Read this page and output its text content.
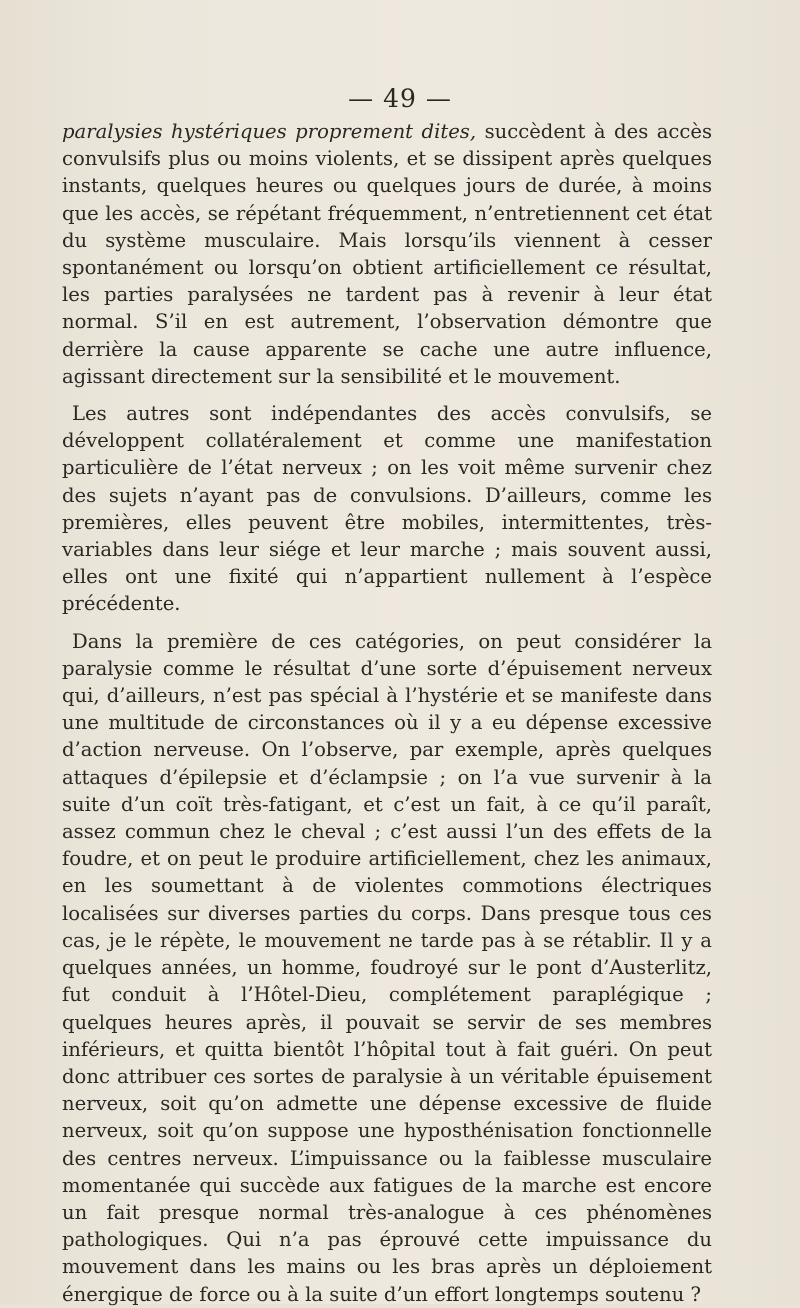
— 49 —

paralysies hystériques proprement dites, succèdent à des accès convulsifs plus ou moins violents, et se dissipent après quelques instants, quelques heures ou quelques jours de durée, à moins que les accès, se répétant fréquemment, n’entretiennent cet état du système musculaire. Mais lorsqu’ils viennent à cesser spontanément ou lorsqu’on obtient artificiellement ce résultat, les parties paralysées ne tardent pas à revenir à leur état normal. S’il en est autrement, l’observation démontre que derrière la cause apparente se cache une autre influence, agissant directement sur la sensibilité et le mouvement.

Les autres sont indépendantes des accès convulsifs, se développent collatéralement et comme une manifestation particulière de l’état nerveux ; on les voit même survenir chez des sujets n’ayant pas de convulsions. D’ailleurs, comme les premières, elles peuvent être mobiles, intermittentes, très-variables dans leur siége et leur marche ; mais souvent aussi, elles ont une fixité qui n’appartient nullement à l’espèce précédente.

Dans la première de ces catégories, on peut considérer la paralysie comme le résultat d’une sorte d’épuisement nerveux qui, d’ailleurs, n’est pas spécial à l’hystérie et se manifeste dans une multitude de circonstances où il y a eu dépense excessive d’action nerveuse. On l’observe, par exemple, après quelques attaques d’épilepsie et d’éclampsie ; on l’a vue survenir à la suite d’un coït très-fatigant, et c’est un fait, à ce qu’il paraît, assez commun chez le cheval ; c’est aussi l’un des effets de la foudre, et on peut le produire artificiellement, chez les animaux, en les soumettant à de violentes commotions électriques localisées sur diverses parties du corps. Dans presque tous ces cas, je le répète, le mouvement ne tarde pas à se rétablir. Il y a quelques années, un homme, foudroyé sur le pont d’Austerlitz, fut conduit à l’Hôtel-Dieu, complétement paraplégique ; quelques heures après, il pouvait se servir de ses membres inférieurs, et quitta bientôt l’hôpital tout à fait guéri. On peut donc attribuer ces sortes de paralysie à un véritable épuisement nerveux, soit qu’on admette une dépense excessive de fluide nerveux, soit qu’on suppose une hyposthénisation fonctionnelle des centres nerveux. L’impuissance ou la faiblesse musculaire momentanée qui succède aux fatigues de la marche est encore un fait presque normal très-analogue à ces phénomènes pathologiques. Qui n’a pas éprouvé cette impuissance du mouvement dans les mains ou les bras après un déploiement énergique de force ou à la suite d’un effort longtemps soutenu ?
